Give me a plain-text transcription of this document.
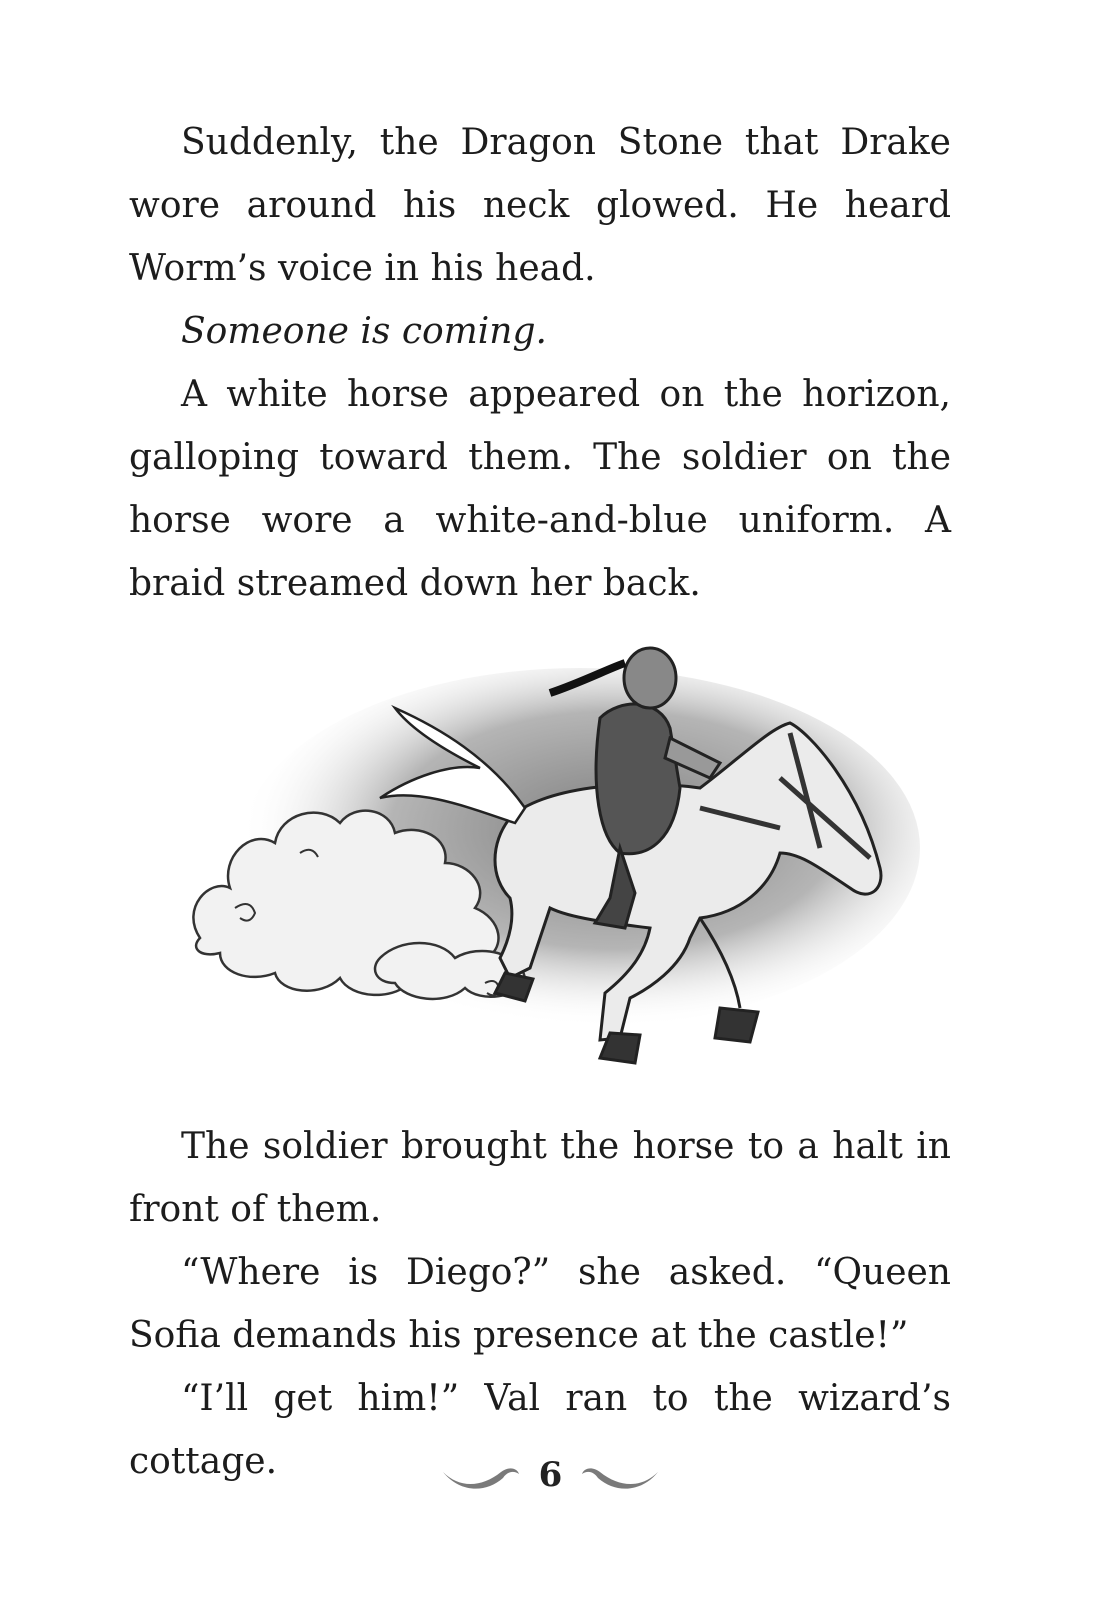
Suddenly, the Dragon Stone that Drake wore around his neck glowed. He heard Worm’s voice in his head.

Someone is coming.

A white horse appeared on the horizon, galloping toward them. The soldier on the horse wore a white-and-blue uniform. A braid streamed down her back.

The soldier brought the horse to a halt in front of them.

“Where is Diego?” she asked. “Queen Sofia demands his presence at the castle!”

“I’ll get him!” Val ran to the wizard’s cottage.	6
